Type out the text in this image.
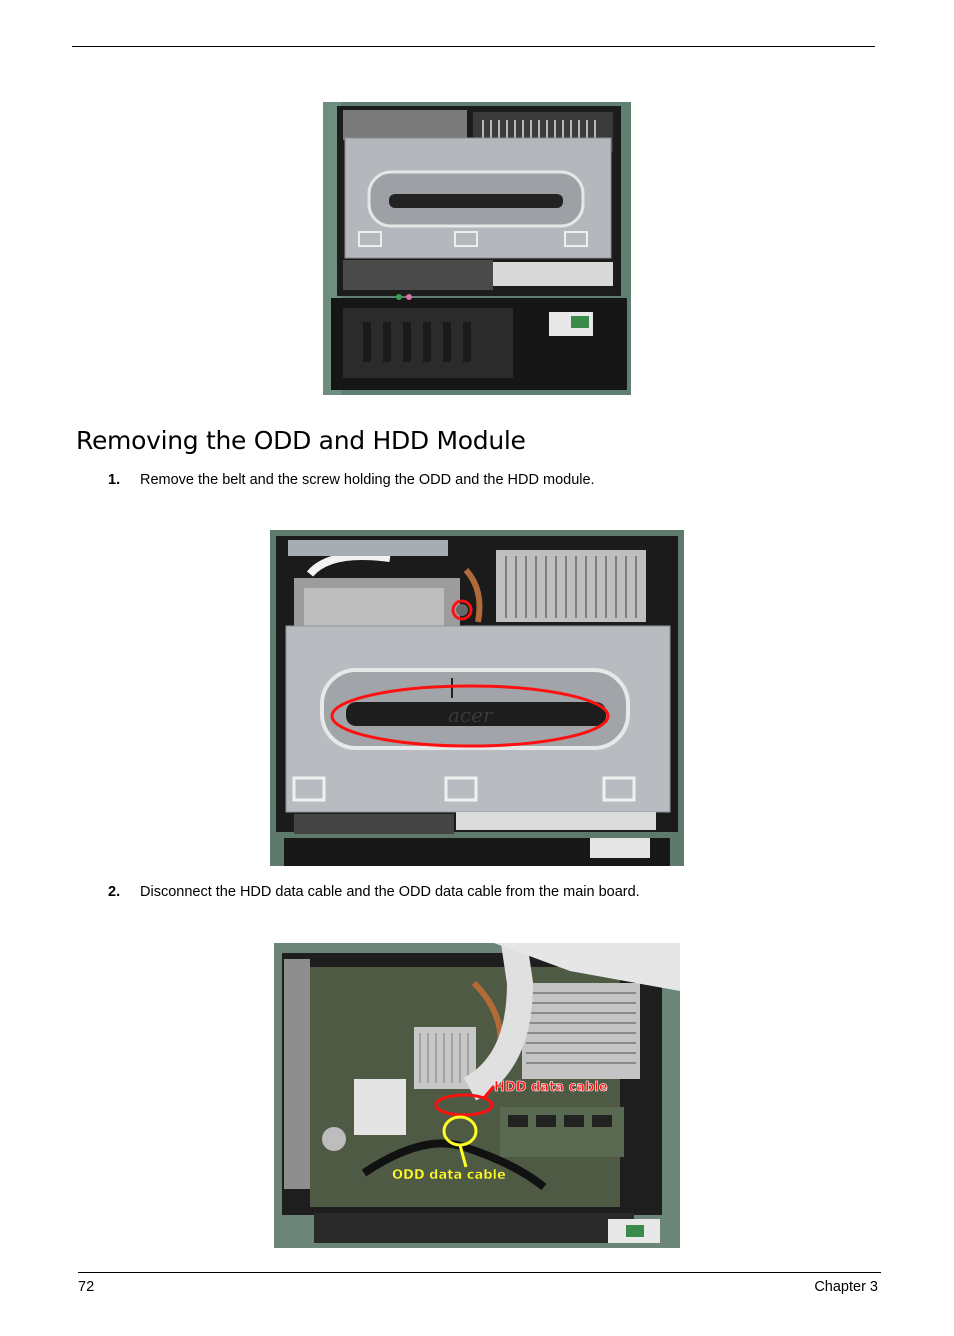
Removing the ODD and HDD Module
1. Remove the belt and the screw holding the ODD and the HDD module.
acer
2. Disconnect the HDD data cable and the ODD data cable from the main board.
HDD data cable
ODD data cable
72	Chapter 3
